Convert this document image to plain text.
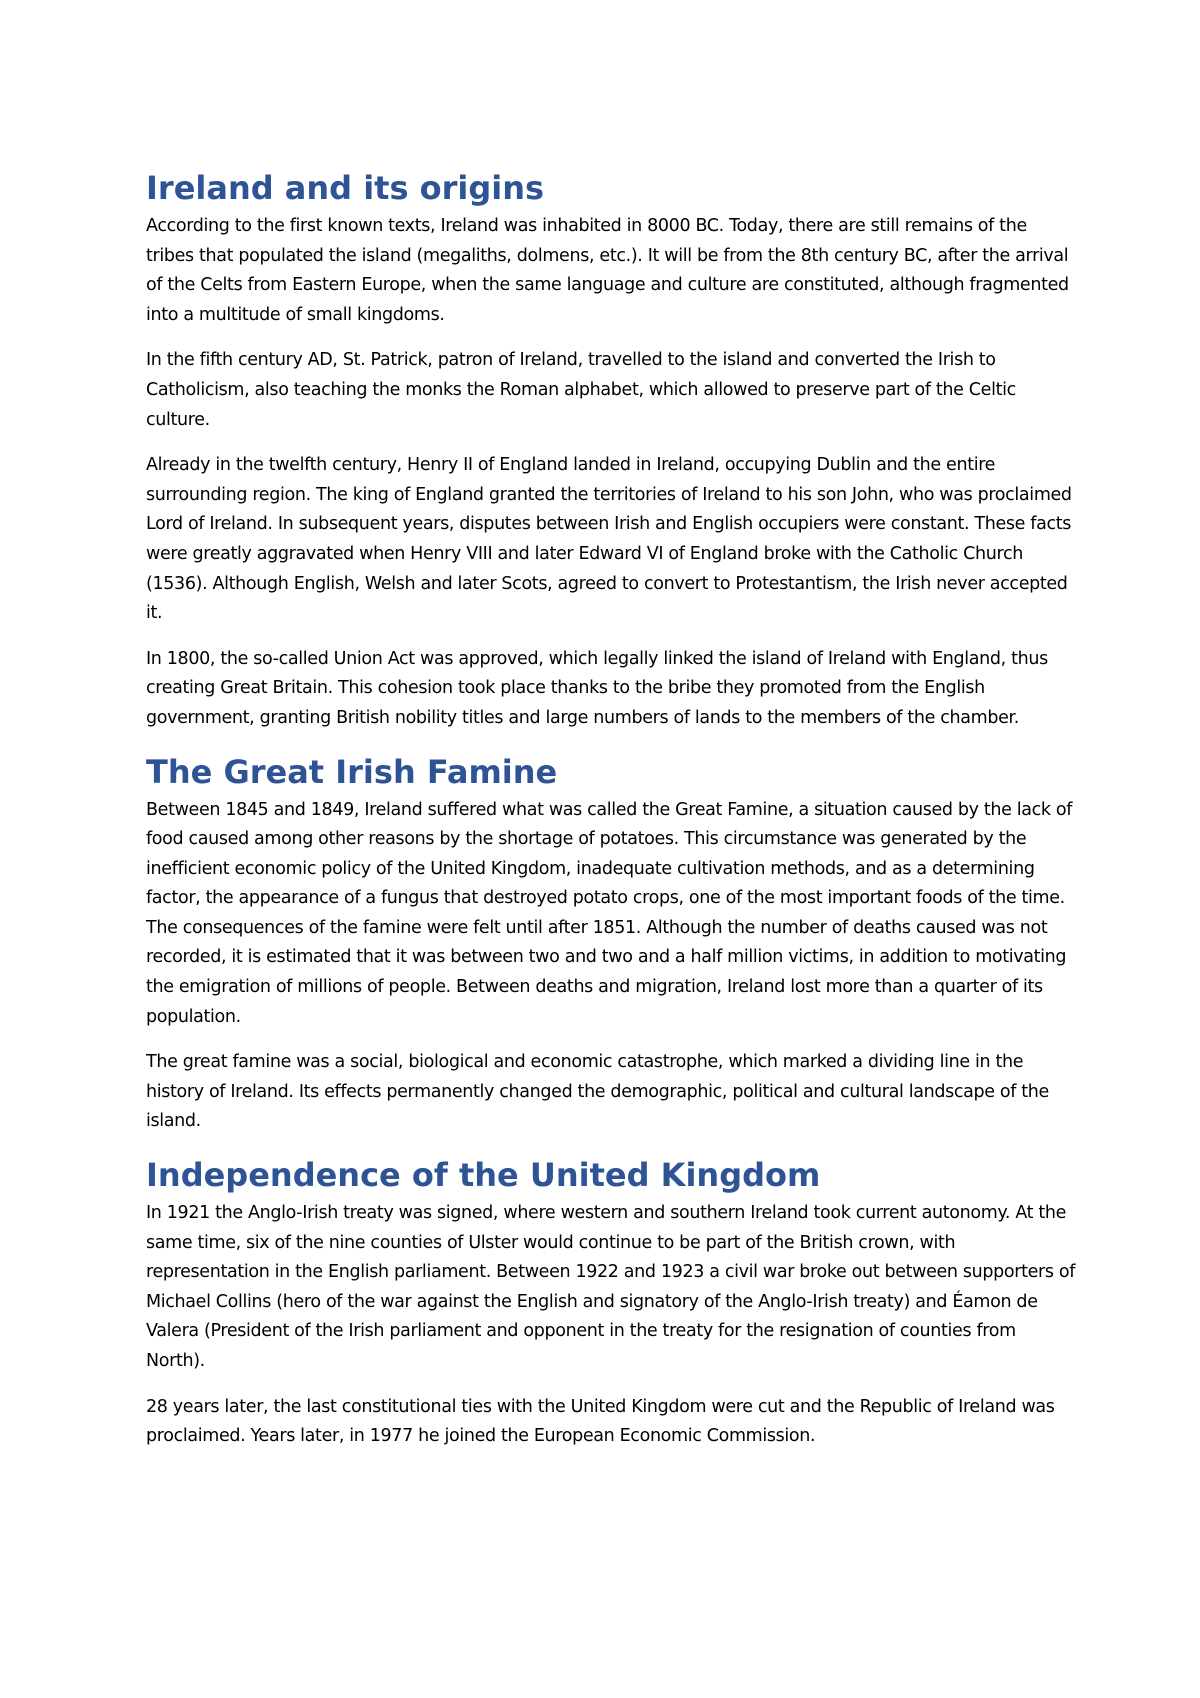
Ireland and its origins

According to the first known texts, Ireland was inhabited in 8000 BC. Today, there are still remains of the tribes that populated the island (megaliths, dolmens, etc.). It will be from the 8th century BC, after the arrival of the Celts from Eastern Europe, when the same language and culture are constituted, although fragmented into a multitude of small kingdoms.

In the fifth century AD, St. Patrick, patron of Ireland, travelled to the island and converted the Irish to Catholicism, also teaching the monks the Roman alphabet, which allowed to preserve part of the Celtic culture.

Already in the twelfth century, Henry II of England landed in Ireland, occupying Dublin and the entire surrounding region. The king of England granted the territories of Ireland to his son John, who was proclaimed Lord of Ireland. In subsequent years, disputes between Irish and English occupiers were constant. These facts were greatly aggravated when Henry VIII and later Edward VI of England broke with the Catholic Church (1536). Although English, Welsh and later Scots, agreed to convert to Protestantism, the Irish never accepted it.

In 1800, the so-called Union Act was approved, which legally linked the island of Ireland with England, thus creating Great Britain. This cohesion took place thanks to the bribe they promoted from the English government, granting British nobility titles and large numbers of lands to the members of the chamber.

The Great Irish Famine

Between 1845 and 1849, Ireland suffered what was called the Great Famine, a situation caused by the lack of food caused among other reasons by the shortage of potatoes. This circumstance was generated by the inefficient economic policy of the United Kingdom, inadequate cultivation methods, and as a determining factor, the appearance of a fungus that destroyed potato crops, one of the most important foods of the time. The consequences of the famine were felt until after 1851. Although the number of deaths caused was not recorded, it is estimated that it was between two and two and a half million victims, in addition to motivating the emigration of millions of people. Between deaths and migration, Ireland lost more than a quarter of its population.

The great famine was a social, biological and economic catastrophe, which marked a dividing line in the history of Ireland. Its effects permanently changed the demographic, political and cultural landscape of the island.

Independence of the United Kingdom

In 1921 the Anglo-Irish treaty was signed, where western and southern Ireland took current autonomy. At the same time, six of the nine counties of Ulster would continue to be part of the British crown, with representation in the English parliament. Between 1922 and 1923 a civil war broke out between supporters of Michael Collins (hero of the war against the English and signatory of the Anglo-Irish treaty) and Éamon de Valera (President of the Irish parliament and opponent in the treaty for the resignation of counties from North).

28 years later, the last constitutional ties with the United Kingdom were cut and the Republic of Ireland was proclaimed. Years later, in 1977 he joined the European Economic Commission.
